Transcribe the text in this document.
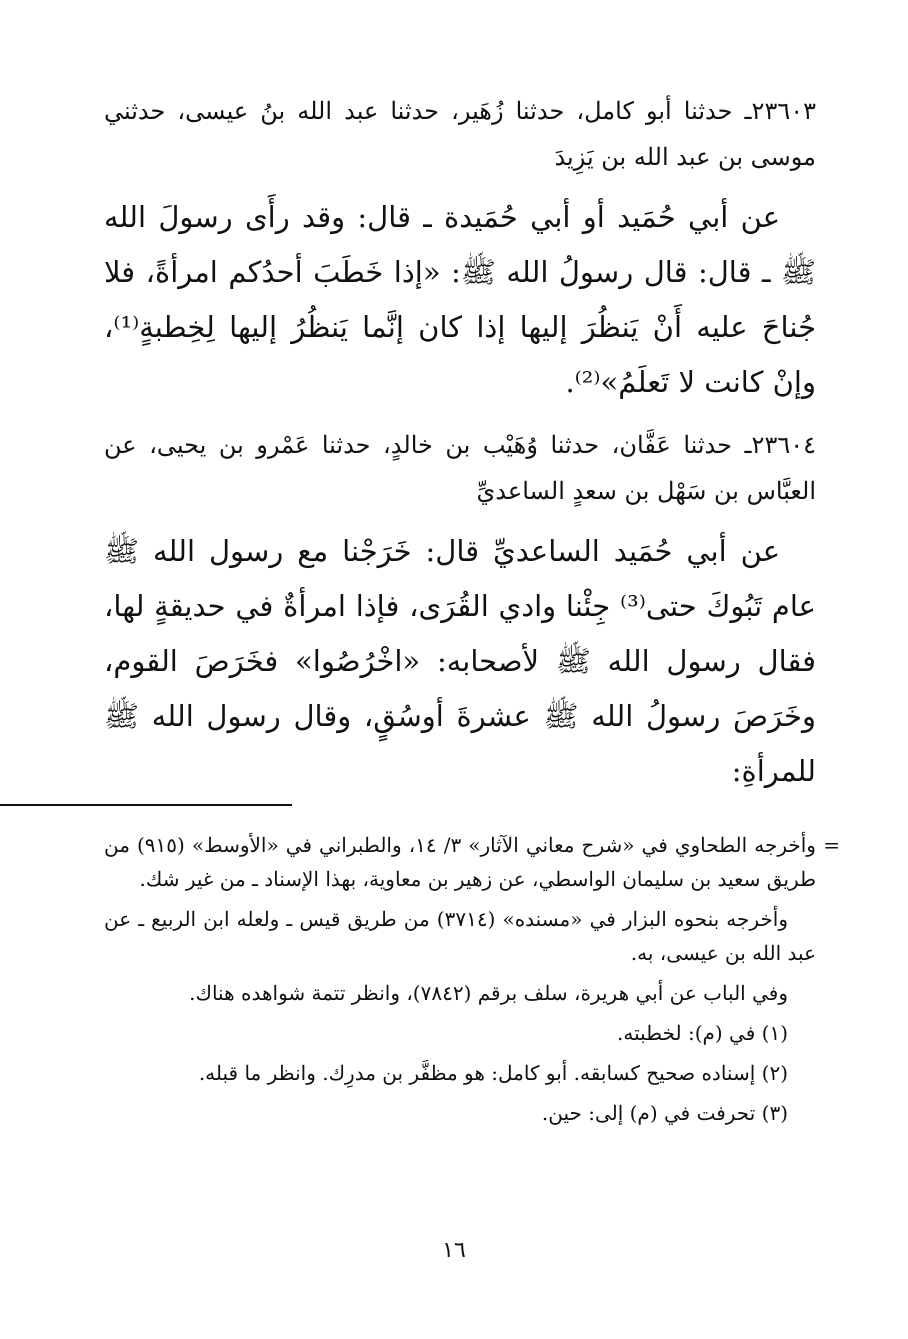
٢٣٦٠٣ـ حدثنا أبو كامل، حدثنا زُهَير، حدثنا عبد الله بنُ عيسى، حدثني موسى بن عبد الله بن يَزِيدَ

عن أبي حُمَيد أو أبي حُمَيدة ـ قال: وقد رأَى رسولَ الله ﷺ ـ قال: قال رسولُ الله ﷺ: «إذا خَطَبَ أحدُكم امرأةً، فلا جُناحَ عليه أَنْ يَنظُرَ إليها إذا كان إنَّما يَنظُرُ إليها لِخِطبةٍ⁽¹⁾، وإنْ كانت لا تَعلَمُ»⁽²⁾.

٢٣٦٠٤ـ حدثنا عَفَّان، حدثنا وُهَيْب بن خالدٍ، حدثنا عَمْرو بن يحيى، عن العبَّاس بن سَهْل بن سعدٍ الساعديِّ

عن أبي حُمَيد الساعديِّ قال: خَرَجْنا مع رسول الله ﷺ عام تَبُوكَ حتى⁽³⁾ جِئْنا وادي القُرَى، فإذا امرأةٌ في حديقةٍ لها، فقال رسول الله ﷺ لأصحابه: «اخْرُصُوا» فخَرَصَ القوم، وخَرَصَ رسولُ الله ﷺ عشرةَ أوسُقٍ، وقال رسول الله ﷺ للمرأةِ:

=

وأخرجه الطحاوي في «شرح معاني الآثار» ٣/ ١٤، والطبراني في «الأوسط» (٩١٥) من طريق سعيد بن سليمان الواسطي، عن زهير بن معاوية، بهذا الإسناد ـ من غير شك.

وأخرجه بنحوه البزار في «مسنده» (٣٧١٤) من طريق قيس ـ ولعله ابن الربيع ـ عن عبد الله بن عيسى، به.

وفي الباب عن أبي هريرة، سلف برقم (٧٨٤٢)، وانظر تتمة شواهده هناك.

(١) في (م): لخطبته.

(٢) إسناده صحيح كسابقه. أبو كامل: هو مظفَّر بن مدرِك. وانظر ما قبله.

(٣) تحرفت في (م) إلى: حين.

١٦
